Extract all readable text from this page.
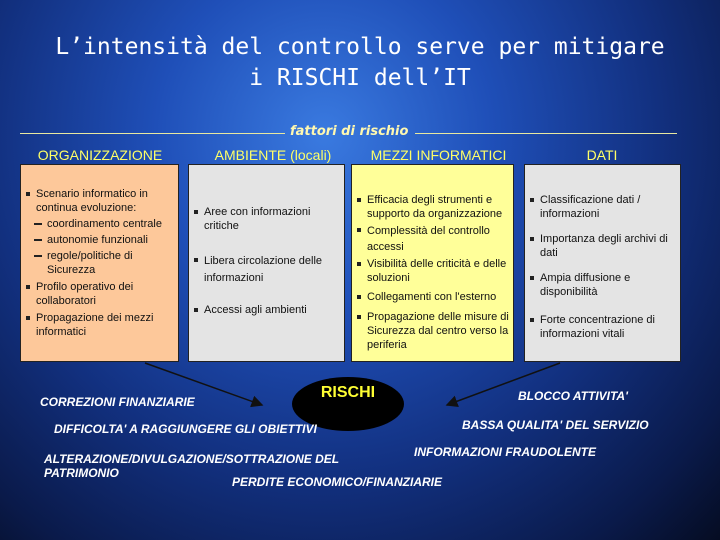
L’intensità del controllo serve per mitigare
i RISCHI dell’IT
fattori di rischio
ORGANIZZAZIONE	AMBIENTE (locali)	MEZZI INFORMATICI	DATI
Scenario informatico in continua evoluzione:
coordinamento centrale
autonomie funzionali
regole/politiche di Sicurezza
Profilo operativo dei collaboratori
Propagazione dei mezzi informatici
Aree con informazioni critiche
Libera circolazione delle informazioni
Accessi agli ambienti
Efficacia degli strumenti e supporto da organizzazione
Complessità del controllo accessi
Visibilità delle criticità e delle soluzioni
Collegamenti con l'esterno
Propagazione delle misure di Sicurezza dal centro verso la periferia
Classificazione dati / informazioni
Importanza degli archivi di dati
Ampia diffusione e disponibilità
Forte concentrazione di informazioni vitali
RISCHI
CORREZIONI FINANZIARIE
DIFFICOLTA' A RAGGIUNGERE GLI OBIETTIVI
ALTERAZIONE/DIVULGAZIONE/SOTTRAZIONE DEL PATRIMONIO
PERDITE ECONOMICO/FINANZIARIE
BLOCCO ATTIVITA'
BASSA QUALITA' DEL SERVIZIO
INFORMAZIONI FRAUDOLENTE
